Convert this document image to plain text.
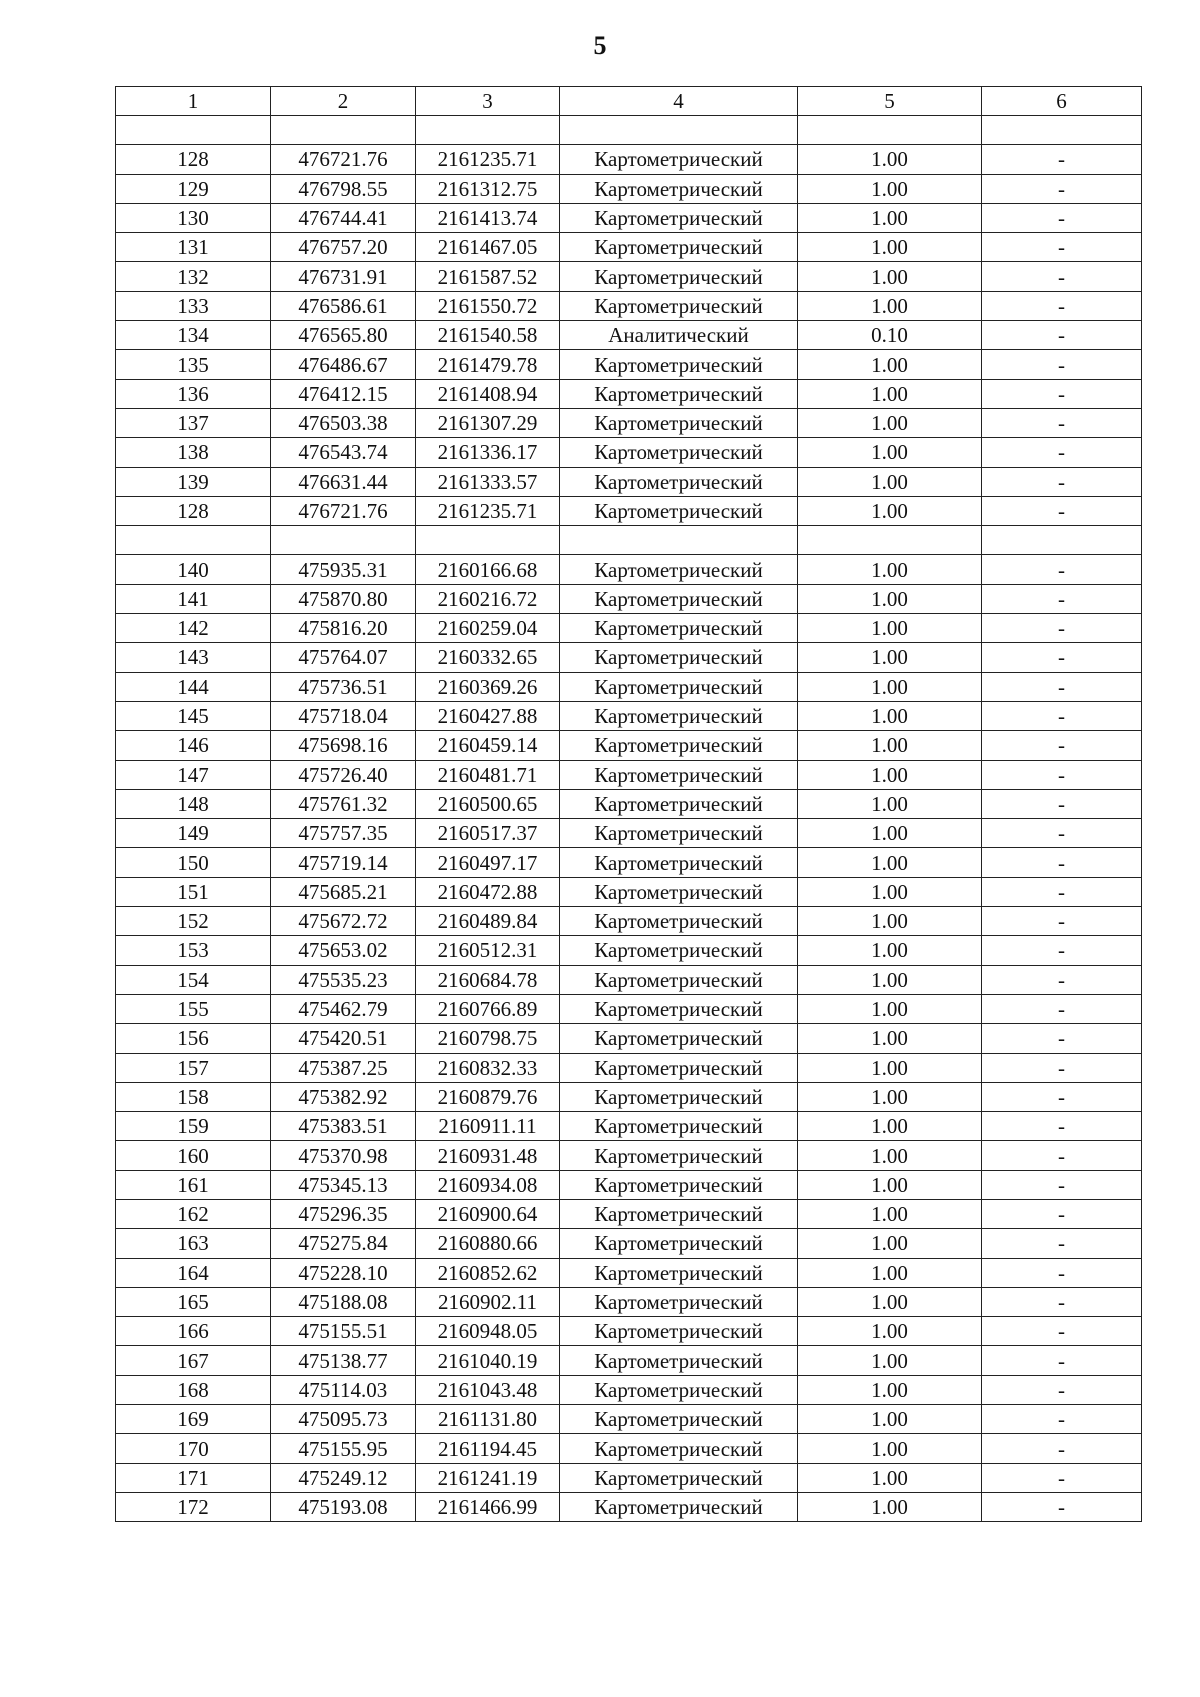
5
1	2	3	4	5	6

128	476721.76	2161235.71	Картометрический	1.00	-
129	476798.55	2161312.75	Картометрический	1.00	-
130	476744.41	2161413.74	Картометрический	1.00	-
131	476757.20	2161467.05	Картометрический	1.00	-
132	476731.91	2161587.52	Картометрический	1.00	-
133	476586.61	2161550.72	Картометрический	1.00	-
134	476565.80	2161540.58	Аналитический	0.10	-
135	476486.67	2161479.78	Картометрический	1.00	-
136	476412.15	2161408.94	Картометрический	1.00	-
137	476503.38	2161307.29	Картометрический	1.00	-
138	476543.74	2161336.17	Картометрический	1.00	-
139	476631.44	2161333.57	Картометрический	1.00	-
128	476721.76	2161235.71	Картометрический	1.00	-

140	475935.31	2160166.68	Картометрический	1.00	-
141	475870.80	2160216.72	Картометрический	1.00	-
142	475816.20	2160259.04	Картометрический	1.00	-
143	475764.07	2160332.65	Картометрический	1.00	-
144	475736.51	2160369.26	Картометрический	1.00	-
145	475718.04	2160427.88	Картометрический	1.00	-
146	475698.16	2160459.14	Картометрический	1.00	-
147	475726.40	2160481.71	Картометрический	1.00	-
148	475761.32	2160500.65	Картометрический	1.00	-
149	475757.35	2160517.37	Картометрический	1.00	-
150	475719.14	2160497.17	Картометрический	1.00	-
151	475685.21	2160472.88	Картометрический	1.00	-
152	475672.72	2160489.84	Картометрический	1.00	-
153	475653.02	2160512.31	Картометрический	1.00	-
154	475535.23	2160684.78	Картометрический	1.00	-
155	475462.79	2160766.89	Картометрический	1.00	-
156	475420.51	2160798.75	Картометрический	1.00	-
157	475387.25	2160832.33	Картометрический	1.00	-
158	475382.92	2160879.76	Картометрический	1.00	-
159	475383.51	2160911.11	Картометрический	1.00	-
160	475370.98	2160931.48	Картометрический	1.00	-
161	475345.13	2160934.08	Картометрический	1.00	-
162	475296.35	2160900.64	Картометрический	1.00	-
163	475275.84	2160880.66	Картометрический	1.00	-
164	475228.10	2160852.62	Картометрический	1.00	-
165	475188.08	2160902.11	Картометрический	1.00	-
166	475155.51	2160948.05	Картометрический	1.00	-
167	475138.77	2161040.19	Картометрический	1.00	-
168	475114.03	2161043.48	Картометрический	1.00	-
169	475095.73	2161131.80	Картометрический	1.00	-
170	475155.95	2161194.45	Картометрический	1.00	-
171	475249.12	2161241.19	Картометрический	1.00	-
172	475193.08	2161466.99	Картометрический	1.00	-
